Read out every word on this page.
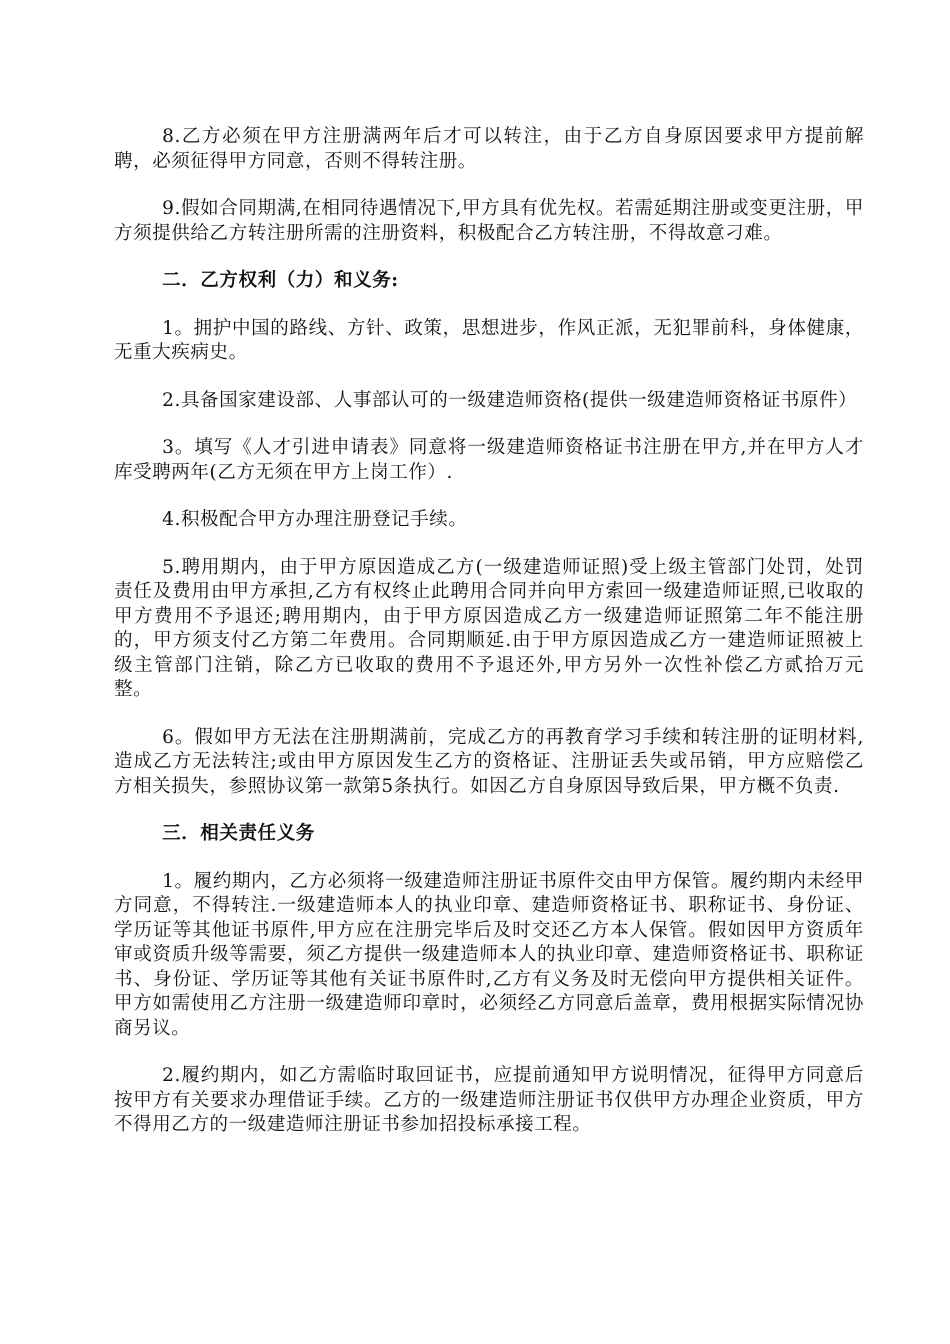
8.乙方必须在甲方注册满两年后才可以转注，由于乙方自身原因要求甲方提前解聘，必须征得甲方同意，否则不得转注册。

9.假如合同期满,在相同待遇情况下,甲方具有优先权。若需延期注册或变更注册，甲方须提供给乙方转注册所需的注册资料，积极配合乙方转注册，不得故意刁难。

二．乙方权利（力）和义务:

1。拥护中国的路线、方针、政策，思想进步，作风正派，无犯罪前科，身体健康，无重大疾病史。

2.具备国家建设部、人事部认可的一级建造师资格(提供一级建造师资格证书原件）

3。填写《人才引进申请表》同意将一级建造师资格证书注册在甲方,并在甲方人才库受聘两年(乙方无须在甲方上岗工作）.

4.积极配合甲方办理注册登记手续。

5.聘用期内，由于甲方原因造成乙方(一级建造师证照)受上级主管部门处罚，处罚责任及费用由甲方承担,乙方有权终止此聘用合同并向甲方索回一级建造师证照,已收取的甲方费用不予退还;聘用期内，由于甲方原因造成乙方一级建造师证照第二年不能注册的，甲方须支付乙方第二年费用。合同期顺延.由于甲方原因造成乙方一建造师证照被上级主管部门注销，除乙方已收取的费用不予退还外,甲方另外一次性补偿乙方贰拾万元整。

6。假如甲方无法在注册期满前，完成乙方的再教育学习手续和转注册的证明材料,造成乙方无法转注;或由甲方原因发生乙方的资格证、注册证丢失或吊销，甲方应赔偿乙方相关损失，参照协议第一款第5条执行。如因乙方自身原因导致后果，甲方概不负责.

三．相关责任义务

1。履约期内，乙方必须将一级建造师注册证书原件交由甲方保管。履约期内未经甲方同意，不得转注.一级建造师本人的执业印章、建造师资格证书、职称证书、身份证、学历证等其他证书原件,甲方应在注册完毕后及时交还乙方本人保管。假如因甲方资质年审或资质升级等需要，须乙方提供一级建造师本人的执业印章、建造师资格证书、职称证书、身份证、学历证等其他有关证书原件时,乙方有义务及时无偿向甲方提供相关证件。甲方如需使用乙方注册一级建造师印章时，必须经乙方同意后盖章，费用根据实际情况协商另议。

2.履约期内，如乙方需临时取回证书，应提前通知甲方说明情况，征得甲方同意后按甲方有关要求办理借证手续。乙方的一级建造师注册证书仅供甲方办理企业资质，甲方不得用乙方的一级建造师注册证书参加招投标承接工程。
